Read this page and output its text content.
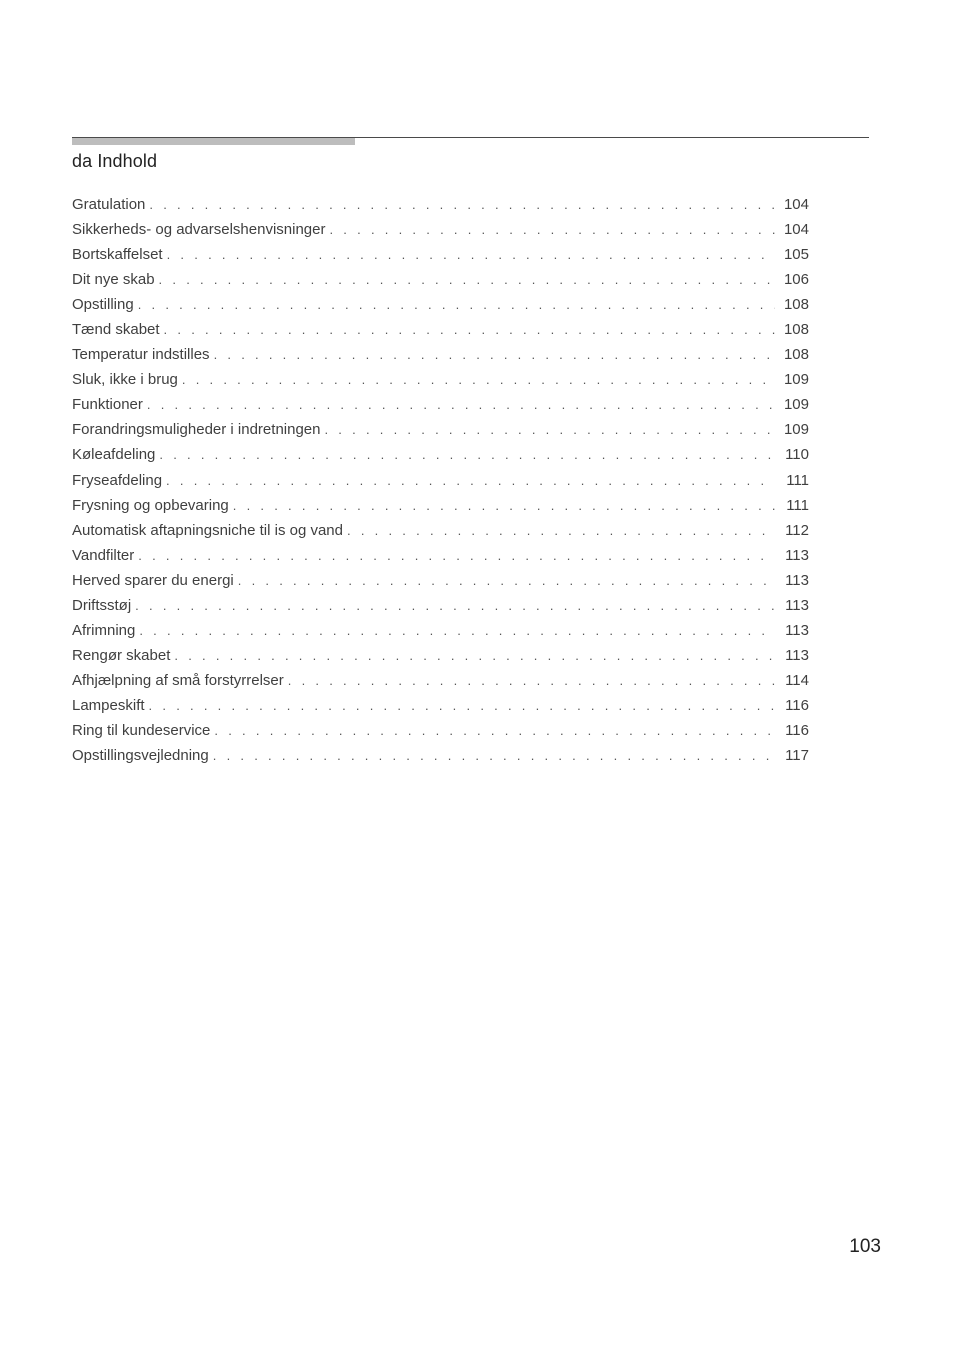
da Indhold
Gratulation . . .	104
Sikkerheds- og advarselshenvisninger . . .	104
Bortskaffelset . . .	105
Dit nye skab . . .	106
Opstilling . . .	108
Tænd skabet . . .	108
Temperatur indstilles . . .	108
Sluk, ikke i brug . . .	109
Funktioner . . .	109
Forandringsmuligheder i indretningen . . .	109
Køleafdeling . . .	110
Fryseafdeling . . .	111
Frysning og opbevaring . . .	111
Automatisk aftapningsniche til is og vand . . .	112
Vandfilter . . .	113
Herved sparer du energi . . .	113
Driftsstøj . . .	113
Afrimning . . .	113
Rengør skabet . . .	113
Afhjælpning af små forstyrrelser . . .	114
Lampeskift . . .	116
Ring til kundeservice . . .	116
Opstillingsvejledning . . .	117
103
